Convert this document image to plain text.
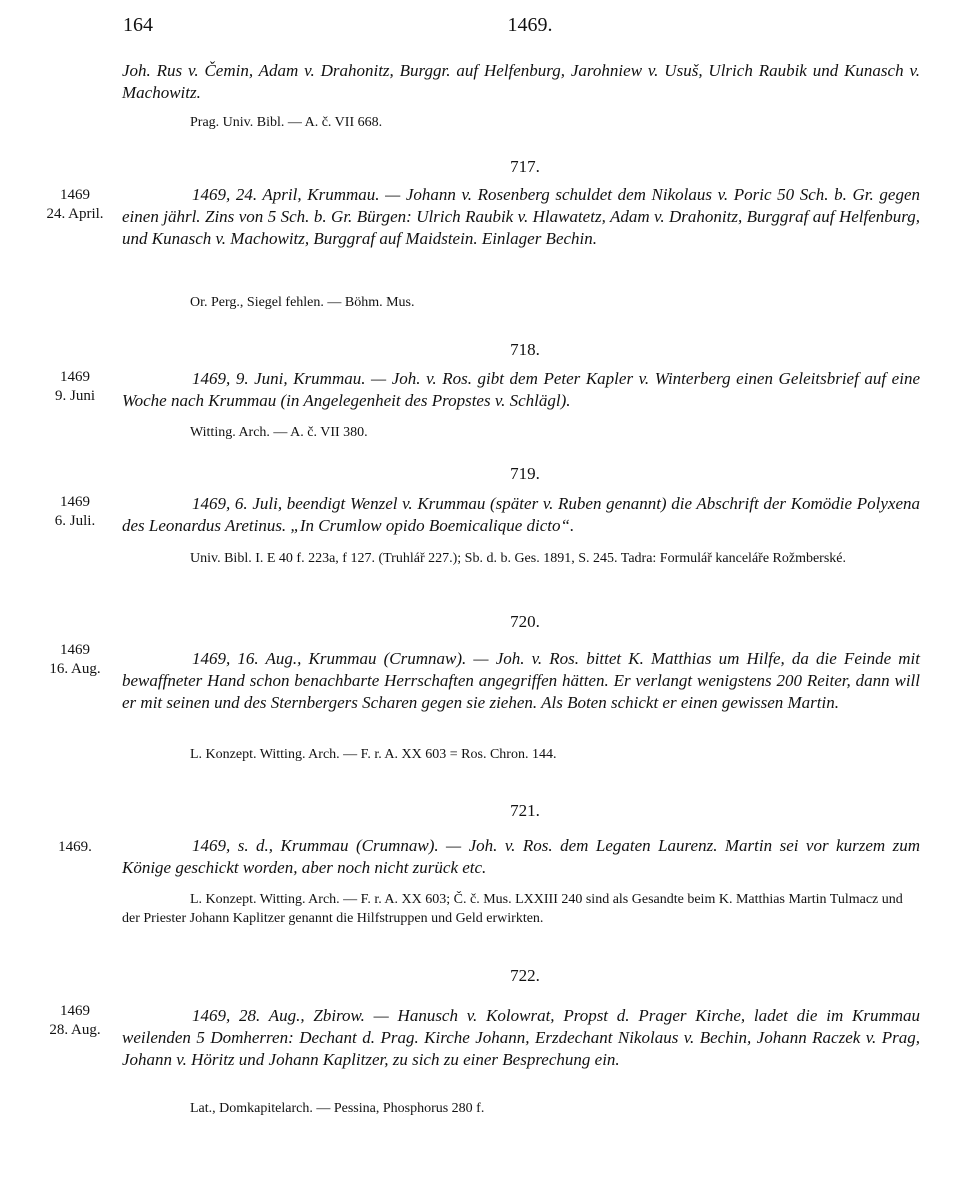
164	1469.
Joh. Rus v. Čemin, Adam v. Drahonitz, Burggr. auf Helfenburg, Jarohniew v. Usuš, Ulrich Raubik und Kunasch v. Machowitz.
Prag. Univ. Bibl. — A. č. VII 668.
717.
1469
24. April.
1469, 24. April, Krummau. — Johann v. Rosenberg schuldet dem Nikolaus v. Poric 50 Sch. b. Gr. gegen einen jährl. Zins von 5 Sch. b. Gr. Bürgen: Ulrich Raubik v. Hlawatetz, Adam v. Drahonitz, Burggraf auf Helfenburg, und Kunasch v. Machowitz, Burggraf auf Maidstein. Einlager Bechin.
Or. Perg., Siegel fehlen. — Böhm. Mus.
718.
1469
9. Juni
1469, 9. Juni, Krummau. — Joh. v. Ros. gibt dem Peter Kapler v. Winterberg einen Geleitsbrief auf eine Woche nach Krummau (in Angelegenheit des Propstes v. Schlägl).
Witting. Arch. — A. č. VII 380.
719.
1469
6. Juli.
1469, 6. Juli, beendigt Wenzel v. Krummau (später v. Ruben genannt) die Abschrift der Komödie Polyxena des Leonardus Aretinus. „In Crumlow opido Boemicalique dicto“.
Univ. Bibl. I. E 40 f. 223a, f 127. (Truhlář 227.); Sb. d. b. Ges. 1891, S. 245. Tadra: Formulář kanceláře Rožmberské.
720.
1469
16. Aug.
1469, 16. Aug., Krummau (Crumnaw). — Joh. v. Ros. bittet K. Matthias um Hilfe, da die Feinde mit bewaffneter Hand schon benachbarte Herrschaften angegriffen hätten. Er verlangt wenigstens 200 Reiter, dann will er mit seinen und des Sternbergers Scharen gegen sie ziehen. Als Boten schickt er einen gewissen Martin.
L. Konzept. Witting. Arch. — F. r. A. XX 603 = Ros. Chron. 144.
721.
1469.	1469, s. d., Krummau (Crumnaw). — Joh. v. Ros. dem Legaten Laurenz. Martin sei vor kurzem zum Könige geschickt worden, aber noch nicht zurück etc.
L. Konzept. Witting. Arch. — F. r. A. XX 603; Č. č. Mus. LXXIII 240 sind als Gesandte beim K. Matthias Martin Tulmacz und der Priester Johann Kaplitzer genannt die Hilfstruppen und Geld erwirkten.
722.
1469
28. Aug.
1469, 28. Aug., Zbirow. — Hanusch v. Kolowrat, Propst d. Prager Kirche, ladet die im Krummau weilenden 5 Domherren: Dechant d. Prag. Kirche Johann, Erzdechant Nikolaus v. Bechin, Johann Raczek v. Prag, Johann v. Höritz und Johann Kaplitzer, zu sich zu einer Besprechung ein.
Lat., Domkapitelarch. — Pessina, Phosphorus 280 f.
